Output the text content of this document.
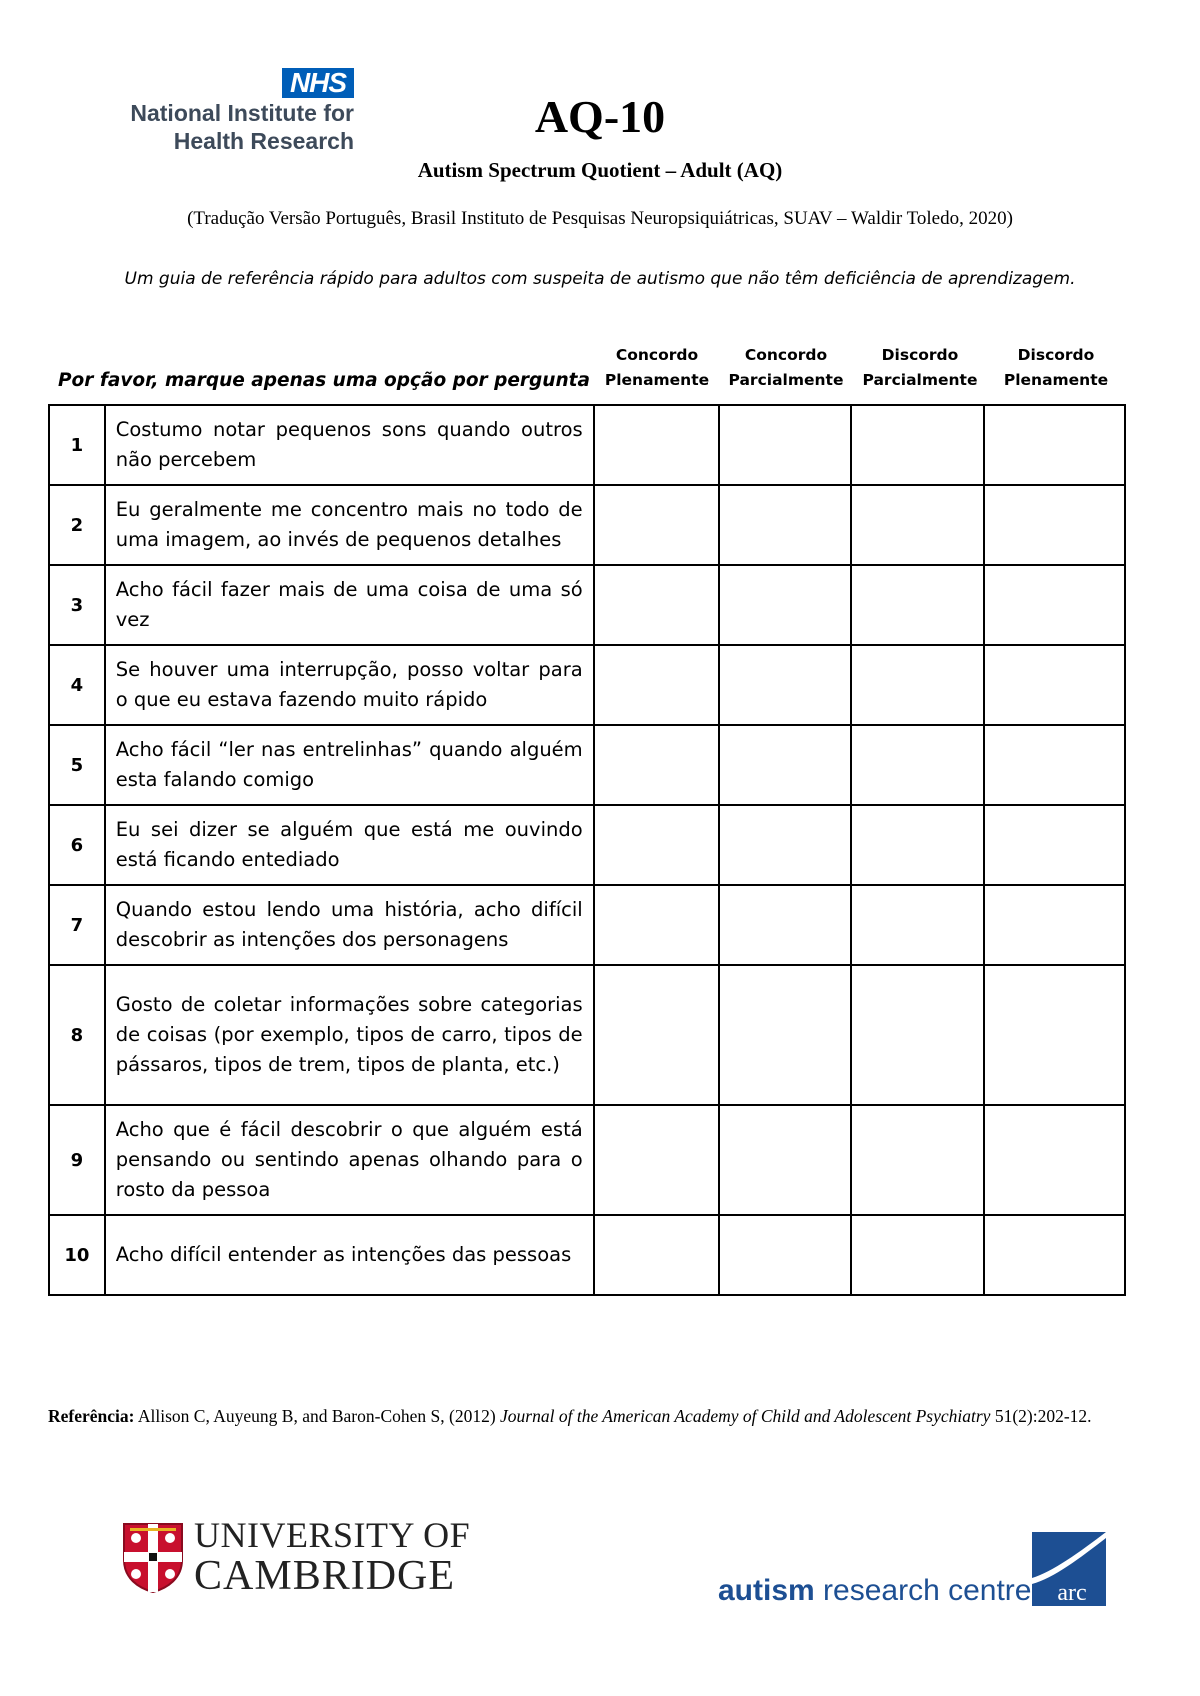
NHS
National Institute for
Health Research	AQ-10
Autism Spectrum Quotient – Adult (AQ)
(Tradução Versão Português, Brasil Instituto de Pesquisas Neuropsiquiátricas, SUAV – Waldir Toledo, 2020)
Um guia de referência rápido para adultos com suspeita de autismo que não têm deficiência de aprendizagem.
Por favor, marque apenas uma opção por pergunta
Concordo
Plenamente
Concordo
Parcialmente
Discordo
Parcialmente
Discordo
Plenamente
1	Costumo notar pequenos sons quando outros não percebem				
2	Eu geralmente me concentro mais no todo de uma imagem, ao invés de pequenos detalhes				
3	Acho fácil fazer mais de uma coisa de uma só vez				
4	Se houver uma interrupção, posso voltar para o que eu estava fazendo muito rápido				
5	Acho fácil “ler nas entrelinhas” quando alguém esta falando comigo				
6	Eu sei dizer se alguém que está me ouvindo está ficando entediado				
7	Quando estou lendo uma história, acho difícil descobrir as intenções dos personagens				
8	Gosto de coletar informações sobre categorias de coisas (por exemplo, tipos de carro, tipos de pássaros, tipos de trem, tipos de planta, etc.)				
9	Acho que é fácil descobrir o que alguém está pensando ou sentindo apenas olhando para o rosto da pessoa				
10	Acho difícil entender as intenções das pessoas				
Referência: Allison C, Auyeung B, and Baron-Cohen S, (2012) Journal of the American Academy of Child and Adolescent Psychiatry 51(2):202-12.
UNIVERSITY OF
CAMBRIDGE	autism research centre arc
